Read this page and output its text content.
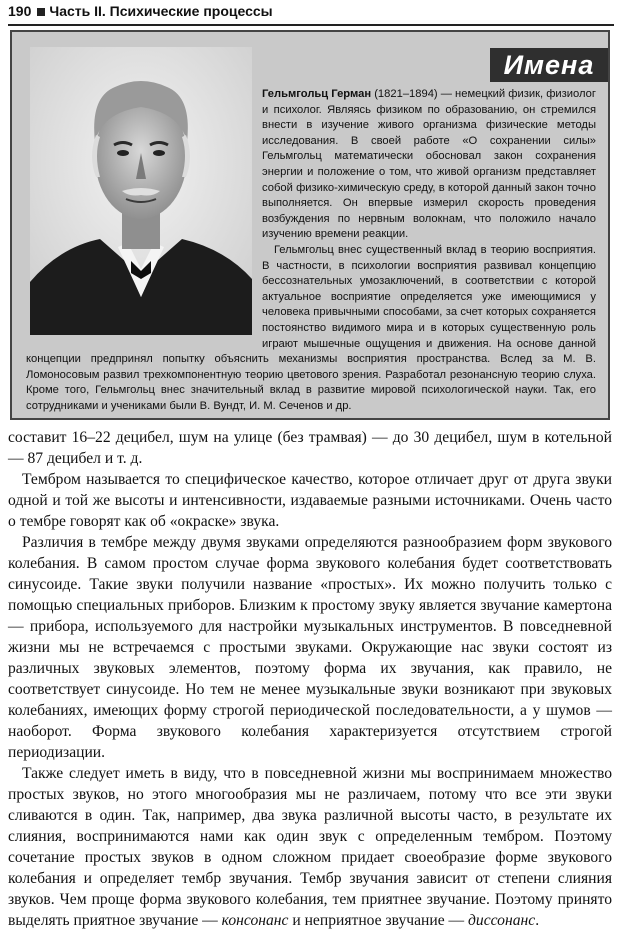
190 Часть II. Психические процессы
Имена

Гельмгольц Герман (1821–1894) — немецкий физик, физиолог и психолог. Являясь физиком по образованию, он стремился внести в изучение живого организма физические методы исследования. В своей работе «О сохранении силы» Гельмгольц математически обосновал закон сохранения энергии и положение о том, что живой организм представляет собой физико-химическую среду, в которой данный закон точно выполняется. Он впервые измерил скорость проведения возбуждения по нервным волокнам, что положило начало изучению времени реакции.

Гельмгольц внес существенный вклад в теорию восприятия. В частности, в психологии восприятия развивал концепцию бессознательных умозаключений, в соответствии с которой актуальное восприятие определяется уже имеющимися у человека привычными способами, за счет которых сохраняется постоянство видимого мира и в которых существенную роль играют мышечные ощущения и движения. На основе данной концепции предпринял попытку объяснить механизмы восприятия пространства. Вслед за М. В. Ломоносовым развил трехкомпонентную теорию цветового зрения. Разработал резонансную теорию слуха. Кроме того, Гельмгольц внес значительный вклад в развитие мировой психологической науки. Так, его сотрудниками и учениками были В. Вундт, И. М. Сеченов и др.

составит 16–22 децибел, шум на улице (без трамвая) — до 30 децибел, шум в котельной — 87 децибел и т. д.

Тембром называется то специфическое качество, которое отличает друг от друга звуки одной и той же высоты и интенсивности, издаваемые разными источниками. Очень часто о тембре говорят как об «окраске» звука.

Различия в тембре между двумя звуками определяются разнообразием форм звукового колебания. В самом простом случае форма звукового колебания будет соответствовать синусоиде. Такие звуки получили название «простых». Их можно получить только с помощью специальных приборов. Близким к простому звуку является звучание камертона — прибора, используемого для настройки музыкальных инструментов. В повседневной жизни мы не встречаемся с простыми звуками. Окружающие нас звуки состоят из различных звуковых элементов, поэтому форма их звучания, как правило, не соответствует синусоиде. Но тем не менее музыкальные звуки возникают при звуковых колебаниях, имеющих форму строгой периодической последовательности, а у шумов — наоборот. Форма звукового колебания характеризуется отсутствием строгой периодизации.

Также следует иметь в виду, что в повседневной жизни мы воспринимаем множество простых звуков, но этого многообразия мы не различаем, потому что все эти звуки сливаются в один. Так, например, два звука различной высоты часто, в результате их слияния, воспринимаются нами как один звук с определенным тембром. Поэтому сочетание простых звуков в одном сложном придает своеобразие форме звукового колебания и определяет тембр звучания. Тембр звучания зависит от степени слияния звуков. Чем проще форма звукового колебания, тем приятнее звучание. Поэтому принято выделять приятное звучание — консонанс и неприятное звучание — диссонанс.
